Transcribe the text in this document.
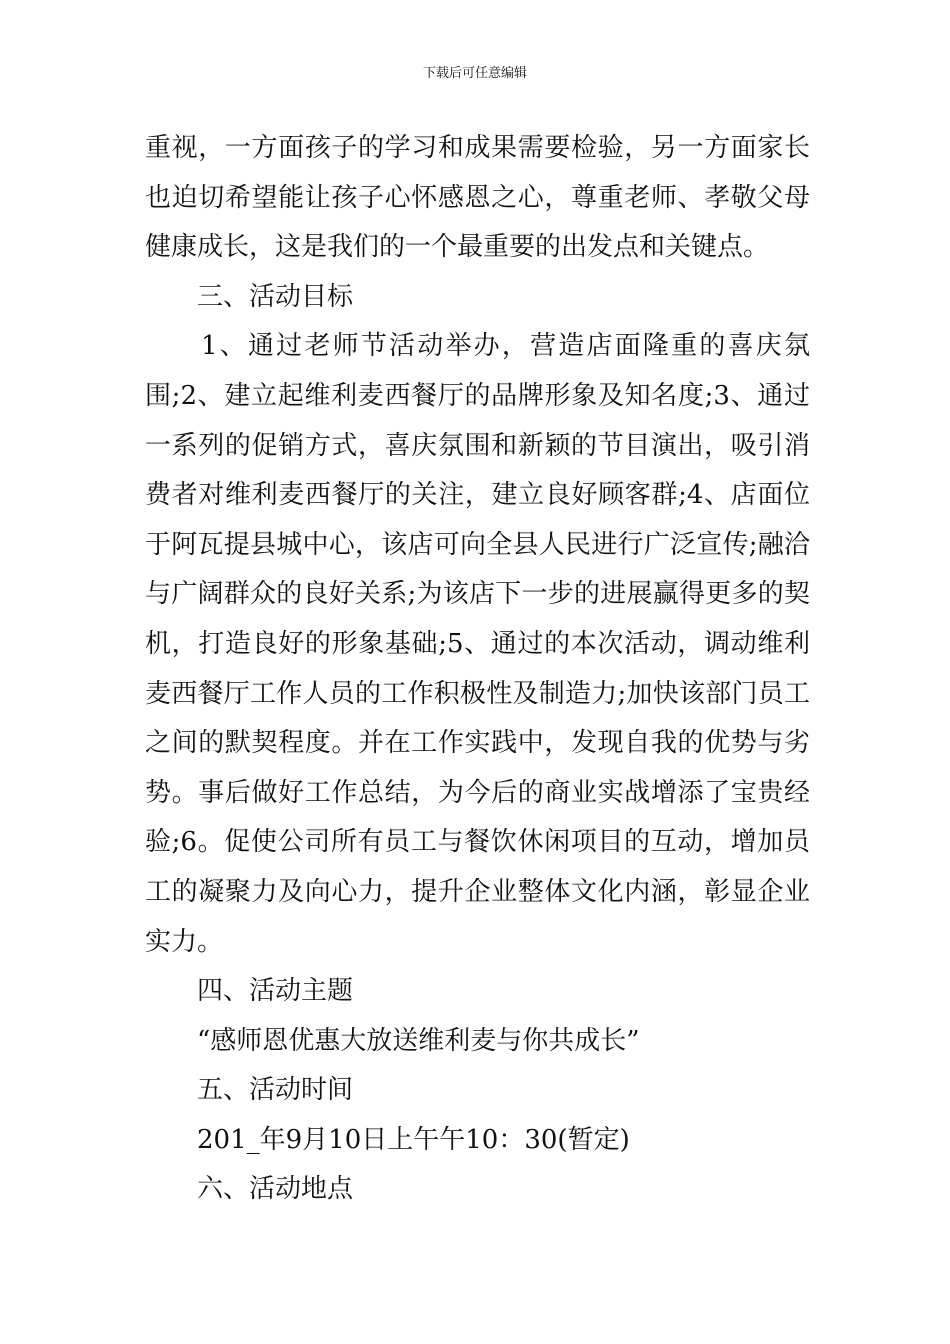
下载后可任意编辑
重视，一方面孩子的学习和成果需要检验，另一方面家长也迫切希望能让孩子心怀感恩之心，尊重老师、孝敬父母健康成长，这是我们的一个最重要的出发点和关键点。
三、活动目标
1、通过老师节活动举办，营造店面隆重的喜庆氛围;2、建立起维利麦西餐厅的品牌形象及知名度;3、通过一系列的促销方式，喜庆氛围和新颖的节目演出，吸引消费者对维利麦西餐厅的关注，建立良好顾客群;4、店面位于阿瓦提县城中心，该店可向全县人民进行广泛宣传;融洽与广阔群众的良好关系;为该店下一步的进展赢得更多的契机，打造良好的形象基础;5、通过的本次活动，调动维利麦西餐厅工作人员的工作积极性及制造力;加快该部门员工之间的默契程度。并在工作实践中，发现自我的优势与劣势。事后做好工作总结，为今后的商业实战增添了宝贵经验;6。促使公司所有员工与餐饮休闲项目的互动，增加员工的凝聚力及向心力，提升企业整体文化内涵，彰显企业实力。
四、活动主题
“感师恩优惠大放送维利麦与你共成长”
五、活动时间
201_年9月10日上午午10：30(暂定)
六、活动地点
